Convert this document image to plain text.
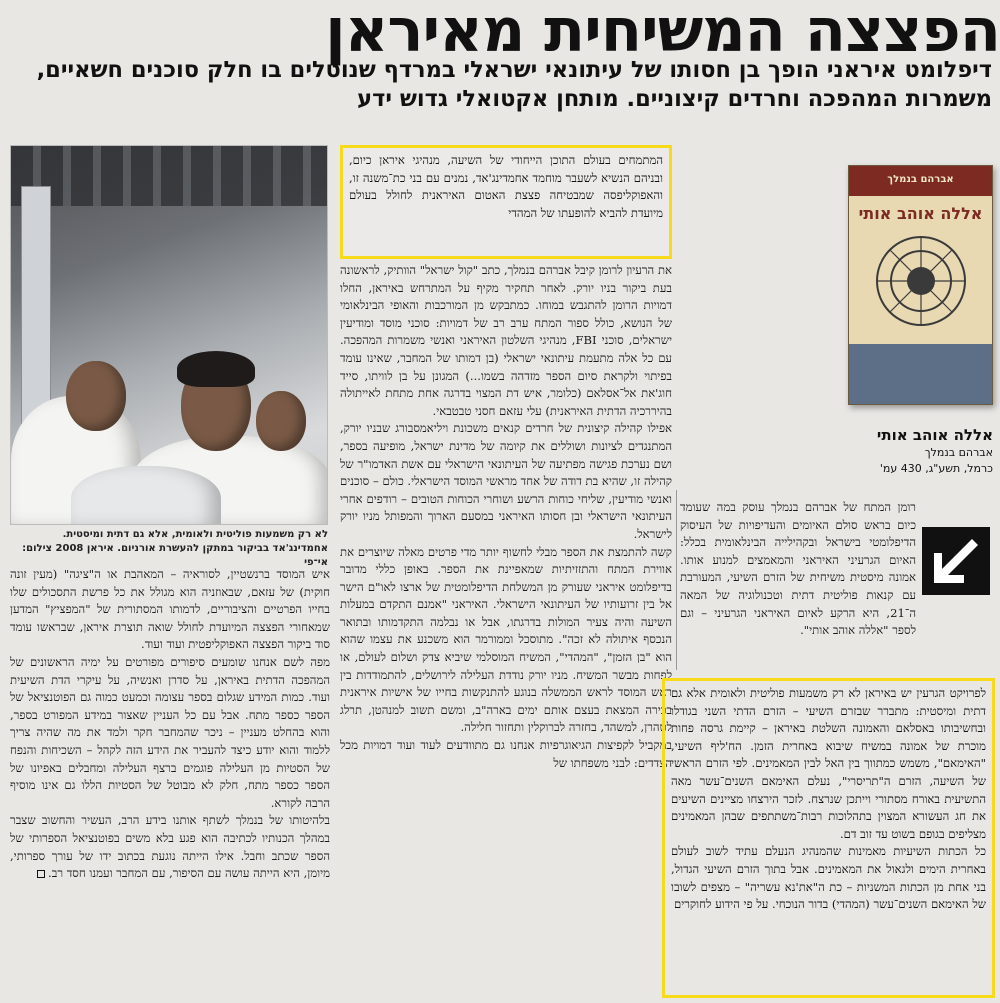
הפצצה המשיחית מאיראן
דיפלומט איראני הופך בן חסותו של עיתונאי ישראלי במרדף שנוטלים בו חלק סוכנים חשאיים, משמרות המהפכה וחרדים קיצוניים. מותחן אקטואלי גדוש ידע
לא רק משמעות פוליטית ולאומית, אלא גם דתית ומיסטית. אחמדינג'אד בביקור במתקן להעשרת אורניום. איראן 2008 צילום: אי־פי
המתמחים בעולם התוכן הייחודי של השיעה, מנהיגי איראן כיום, ובניהם הנשיא לשעבר מוחמד אחמדינג'אד, נמנים עם בני כת־משנה זו, והאפוקליפסה שמבטיחה פצצת האטום האיראנית לחולל בעולם מיועדת להביא להופעתו של המהדי

את הרעיון לרומן קיבל אברהם בנמלך, כתב "קול ישראל" הוותיק, לראשונה בעת ביקור בניו יורק. לאחר תחקיר מקיף על המתרחש באיראן, החלו דמויות הרומן להתגבש במוחו. כמתבקש מן המורכבות והאופי הבינלאומי של הנושא, כולל ספור המתח ערב רב של דמויות: סוכני מוסד ומודיעין ישראלים, סוכני FBI, מנהיגי השלטון האיראני ואנשי משמרות המהפכה. עם כל אלה מתעמת עיתונאי ישראלי (בן דמותו של המחבר, שאינו עומד בפיתוי ולקראת סיום הספר מזדהה בשמו...) המגונן על בן לוויתו, סייד חוג'את אל־אסלאם (כלומר, איש דת המצוי בדרגה אחת מתחת לאייתולה בהיררכיה הדתית האיראנית) עלי עזאם חסני טבטבאי.

אפילו קהילה קיצונית של חרדים קנאים משכונת ויליאמסבורג שבניו יורק, המתנגדים לציונות ושוללים את קיומה של מדינת ישראל, מופיעה בספר, ושם נערכת פגישה מפתיעה של העיתונאי הישראלי עם אשת האדמו"ר של קהילה זו, שהיא בת דודה של אחד מראשי המוסד הישראלי. כולם – סוכנים ואנשי מודיעין, שליחי כוחות הרשע ושוחרי הכוחות הטובים – רודפים אחרי העיתונאי הישראלי ובן חסותו האיראני במסעם הארוך והמפותל מניו יורק לישראל.

קשה להתמצת את הספר מבלי לחשוף יותר מדי פרטים מאלה שיוצרים את אווירת המתח והתזזיתיות שמאפיינת את הספר. באופן כללי מדובר בדיפלומט איראני שעורק מן המשלחת הדיפלומטית של ארצו לאו"ם הישר אל בין זרועותיו של העיתונאי הישראלי. האיראני "אמנם התקדם במעלות השיעה והיה צעיר המולות בדרגתו, אבל או נבלמה התקדמותו ובתואר הנכסף איתולה לא זכה". מתוסכל וממורמר הוא משכנע את עצמו שהוא הוא "בן הזמן", "המהדי", המשיח המוסלמי שיביא צדק ושלום לעולם, או לפחות מבשר המשיח. מניו יורק נודדת העלילה לירושלים, להתמודדות בין ראש המוסד לראש הממשלה בנוגע להתנקשות בחייו של אישיות איראנית בכירה המצאת בעצם אותם ימים בארה"ב, ומשם תשוב למנהטן, תרלג לטהרן, למשהד, בחזרה לברוקלין ותחזור חלילה.

במקביל לקפיצות הגיאוגרפיות אנחנו גם מתוודעים לעוד ועוד דמויות מכל הצדדים: לבני משפחתו של

איש המוסד ברנשטיין, לסוראיה – המאהבת או ה"ציגה" (מעין זונה חוקית) של עזאם, שבאוזניה הוא מגולל את כל פרשת התסכולים שלו בחייו הפרטיים והציבוריים, לדמותו המסתורית של "המפציץ" המדען שמאחורי הפצצה המיועדת לחולל שואה תוצרת איראן, שבראשו עומד סוד ביקור הפצצה האפוקליפטית ועוד ועוד.

מפה לשם אנחנו שומעים סיפורים מפורטים על ימיה הראשונים של המהפכה הדתית באיראן, על סדרן ואנשיה, על עיקרי הדת השיעית ועוד. כמות המידע שגלום בספר עצומה וכמעט כמוה גם הפוטנציאל של הספר כספר מתח. אבל עם כל העניין שאצור במידע המפורט בספר, והוא בהחלט מעניין – ניכר שהמחבר חקר ולמד את מה שהיה צריך ללמוד והוא יודע כיצד להעביר את הידע הזה לקהל – השכיחות והנפח של הסטיות מן העלילה פוגמים ברצף העלילה ומחבלים באפיונו של הספר כספר מתח, חלק לא מבוטל של הסטיות הללו גם אינו מוסיף הרבה לקורא.

בלהיטותו של בנמלך לשתף אותנו בידע הרב, העשיר והחשוב שצבר במהלך הכנותיו לכתיבה הוא פגע בלא משים בפוטנציאל הספרותי של הספר שכתב וחבל. אילו הייתה נוגעת בכתוב ידו של עורך ספרותי, מיומן, היא הייתה עושה עם הסיפור, עם המחבר ועמנו חסד רב.

אברהם בנמלך
אללה אוהב אותי
אללה אוהב אותי
אברהם בנמלך
כרמל, תשע"ג, 430 עמ'

רומן המתח של אברהם בנמלך עוסק במה שעומד כיום בראש סולם האיומים והעדיפויות של העיסוק הדיפלומטי בישראל ובקהילייה הבינלאומית בכלל: האיום הגרעיני האיראני והמאמצים למנוע אותו. אמונה מיסטית משיחית של הזרם השיעי, המעורבת עם קנאות פוליטית דתית וטכנולוגיה של המאה ה־21, היא הרקע לאיום האיראני הגרעיני – וגם לספר "אללה אוהב אותי".

לפרויקט הגרעין יש באיראן לא רק משמעות פוליטית ולאומית אלא גם דתית ומיסטית: מתברר שבזרם השיעי – הזרם הדתי השני בגודלו ובחשיבותו באסלאם והאמונה השלטת באיראן – קיימת גרסה פחות מוכרת של אמונה במשיח שיבוא באחרית הזמן. הח'ליף השיעי, "האימאם", משמש כמתווך בין האל לבין המאמינים. לפי הזרם הראשי של השיעה, הזרם ה"תריסרי", נעלם האימאם השנים־עשר מאה התשיעית באורח מסתורי וייתכן שנרצח. לזכר הירצחו מציינים השיעים את חג העשורא המצוין בתהלוכות רבות־משתתפים שבהן המאמינים מצליפים בגופם בשוט עד זוב דם.

כל הכתות השיעיות מאמינות שהמנהיג הנעלם עתיד לשוב לעולם באחרית הימים ולגאול את המאמינים. אבל בתוך הזרם השיעי הגדול, בני אחת מן הכתות המשניות – כת ה"את'נא עשריה" – מצפים לשובו של האימאם השנים־עשר (המהדי) בדור הנוכחי. על פי הידוע לחוקרים
